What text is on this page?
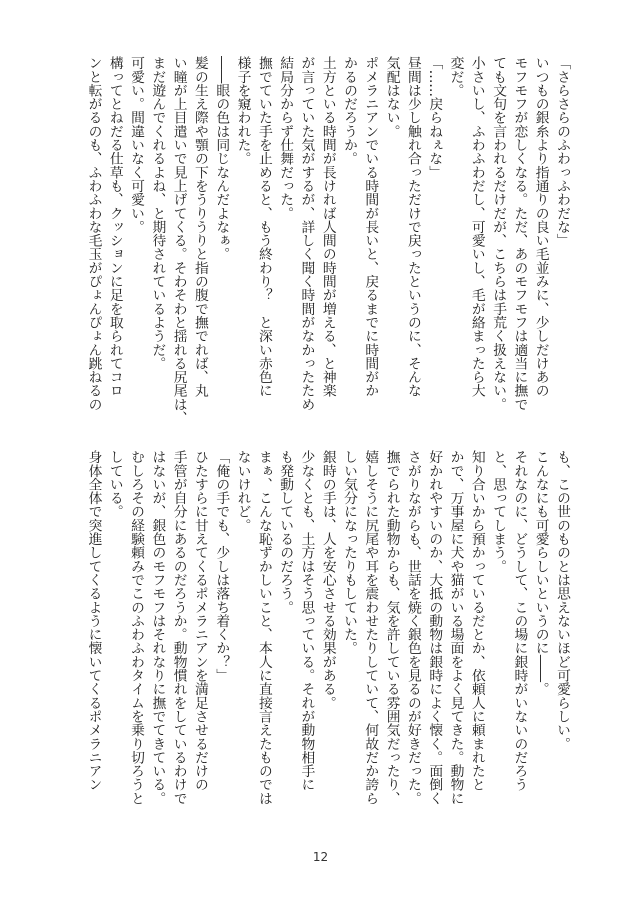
「さらさらのふわっふわだな」
いつもの銀糸より指通りの良い毛並みに、少しだけあの
モフモフが恋しくなる。ただ、あのモフモフは適当に撫で
ても文句を言われるだけだが、こちらは手荒く扱えない。
小さいし、ふわふわだし、可愛いし、毛が絡まったら大
変だ。
「……戻らねぇな」
昼間は少し触れ合っただけで戻ったというのに、そんな
気配はない。
ポメラニアンでいる時間が長いと、戻るまでに時間がか
かるのだろうか。
土方といる時間が長ければ人間の時間が増える、と神楽
が言っていた気がするが、詳しく聞く時間がなかったため
結局分からず仕舞だった。
撫でていた手を止めると、もう終わり？　と深い赤色に
様子を窺われた。
――眼の色は同じなんだよなぁ。
髪の生え際や顎の下をうりうりと指の腹で撫でれば、丸
い瞳が上目遣いで見上げてくる。そわそわと揺れる尻尾は、
まだ遊んでくれるよね、と期待されているようだ。
可愛い。間違いなく可愛い。
構ってとねだる仕草も、クッションに足を取られてコロ
ンと転がるのも、ふわふわな毛玉がぴょんぴょん跳ねるの
も、この世のものとは思えないほど可愛らしい。
こんなにも可愛らしいというのに――。
それなのに、どうして、この場に銀時がいないのだろう
と、思ってしまう。
知り合いから預かっているだとか、依頼人に頼まれたと
かで、万事屋に犬や猫がいる場面をよく見てきた。動物に
好かれやすいのか、大抵の動物は銀時によく懐く。面倒く
さがりながらも、世話を焼く銀色を見るのが好きだった。
撫でられた動物からも、気を許している雰囲気だったり、
嬉しそうに尻尾や耳を震わせたりしていて、何故だか誇ら
しい気分になったりもしていた。
銀時の手は、人を安心させる効果がある。
少なくとも、土方はそう思っている。それが動物相手に
も発動しているのだろう。
まぁ、こんな恥ずかしいこと、本人に直接言えたものでは
ないけれど。
「俺の手でも、少しは落ち着くか？」
ひたすらに甘えてくるポメラニアンを満足させるだけの
手管が自分にあるのだろうか。動物慣れをしているわけで
はないが、銀色のモフモフはそれなりに撫でてきている。
むしろその経験頼みでこのふわふわタイムを乗り切ろうと
している。
身体全体で突進してくるように懐いてくるポメラニアン
12
